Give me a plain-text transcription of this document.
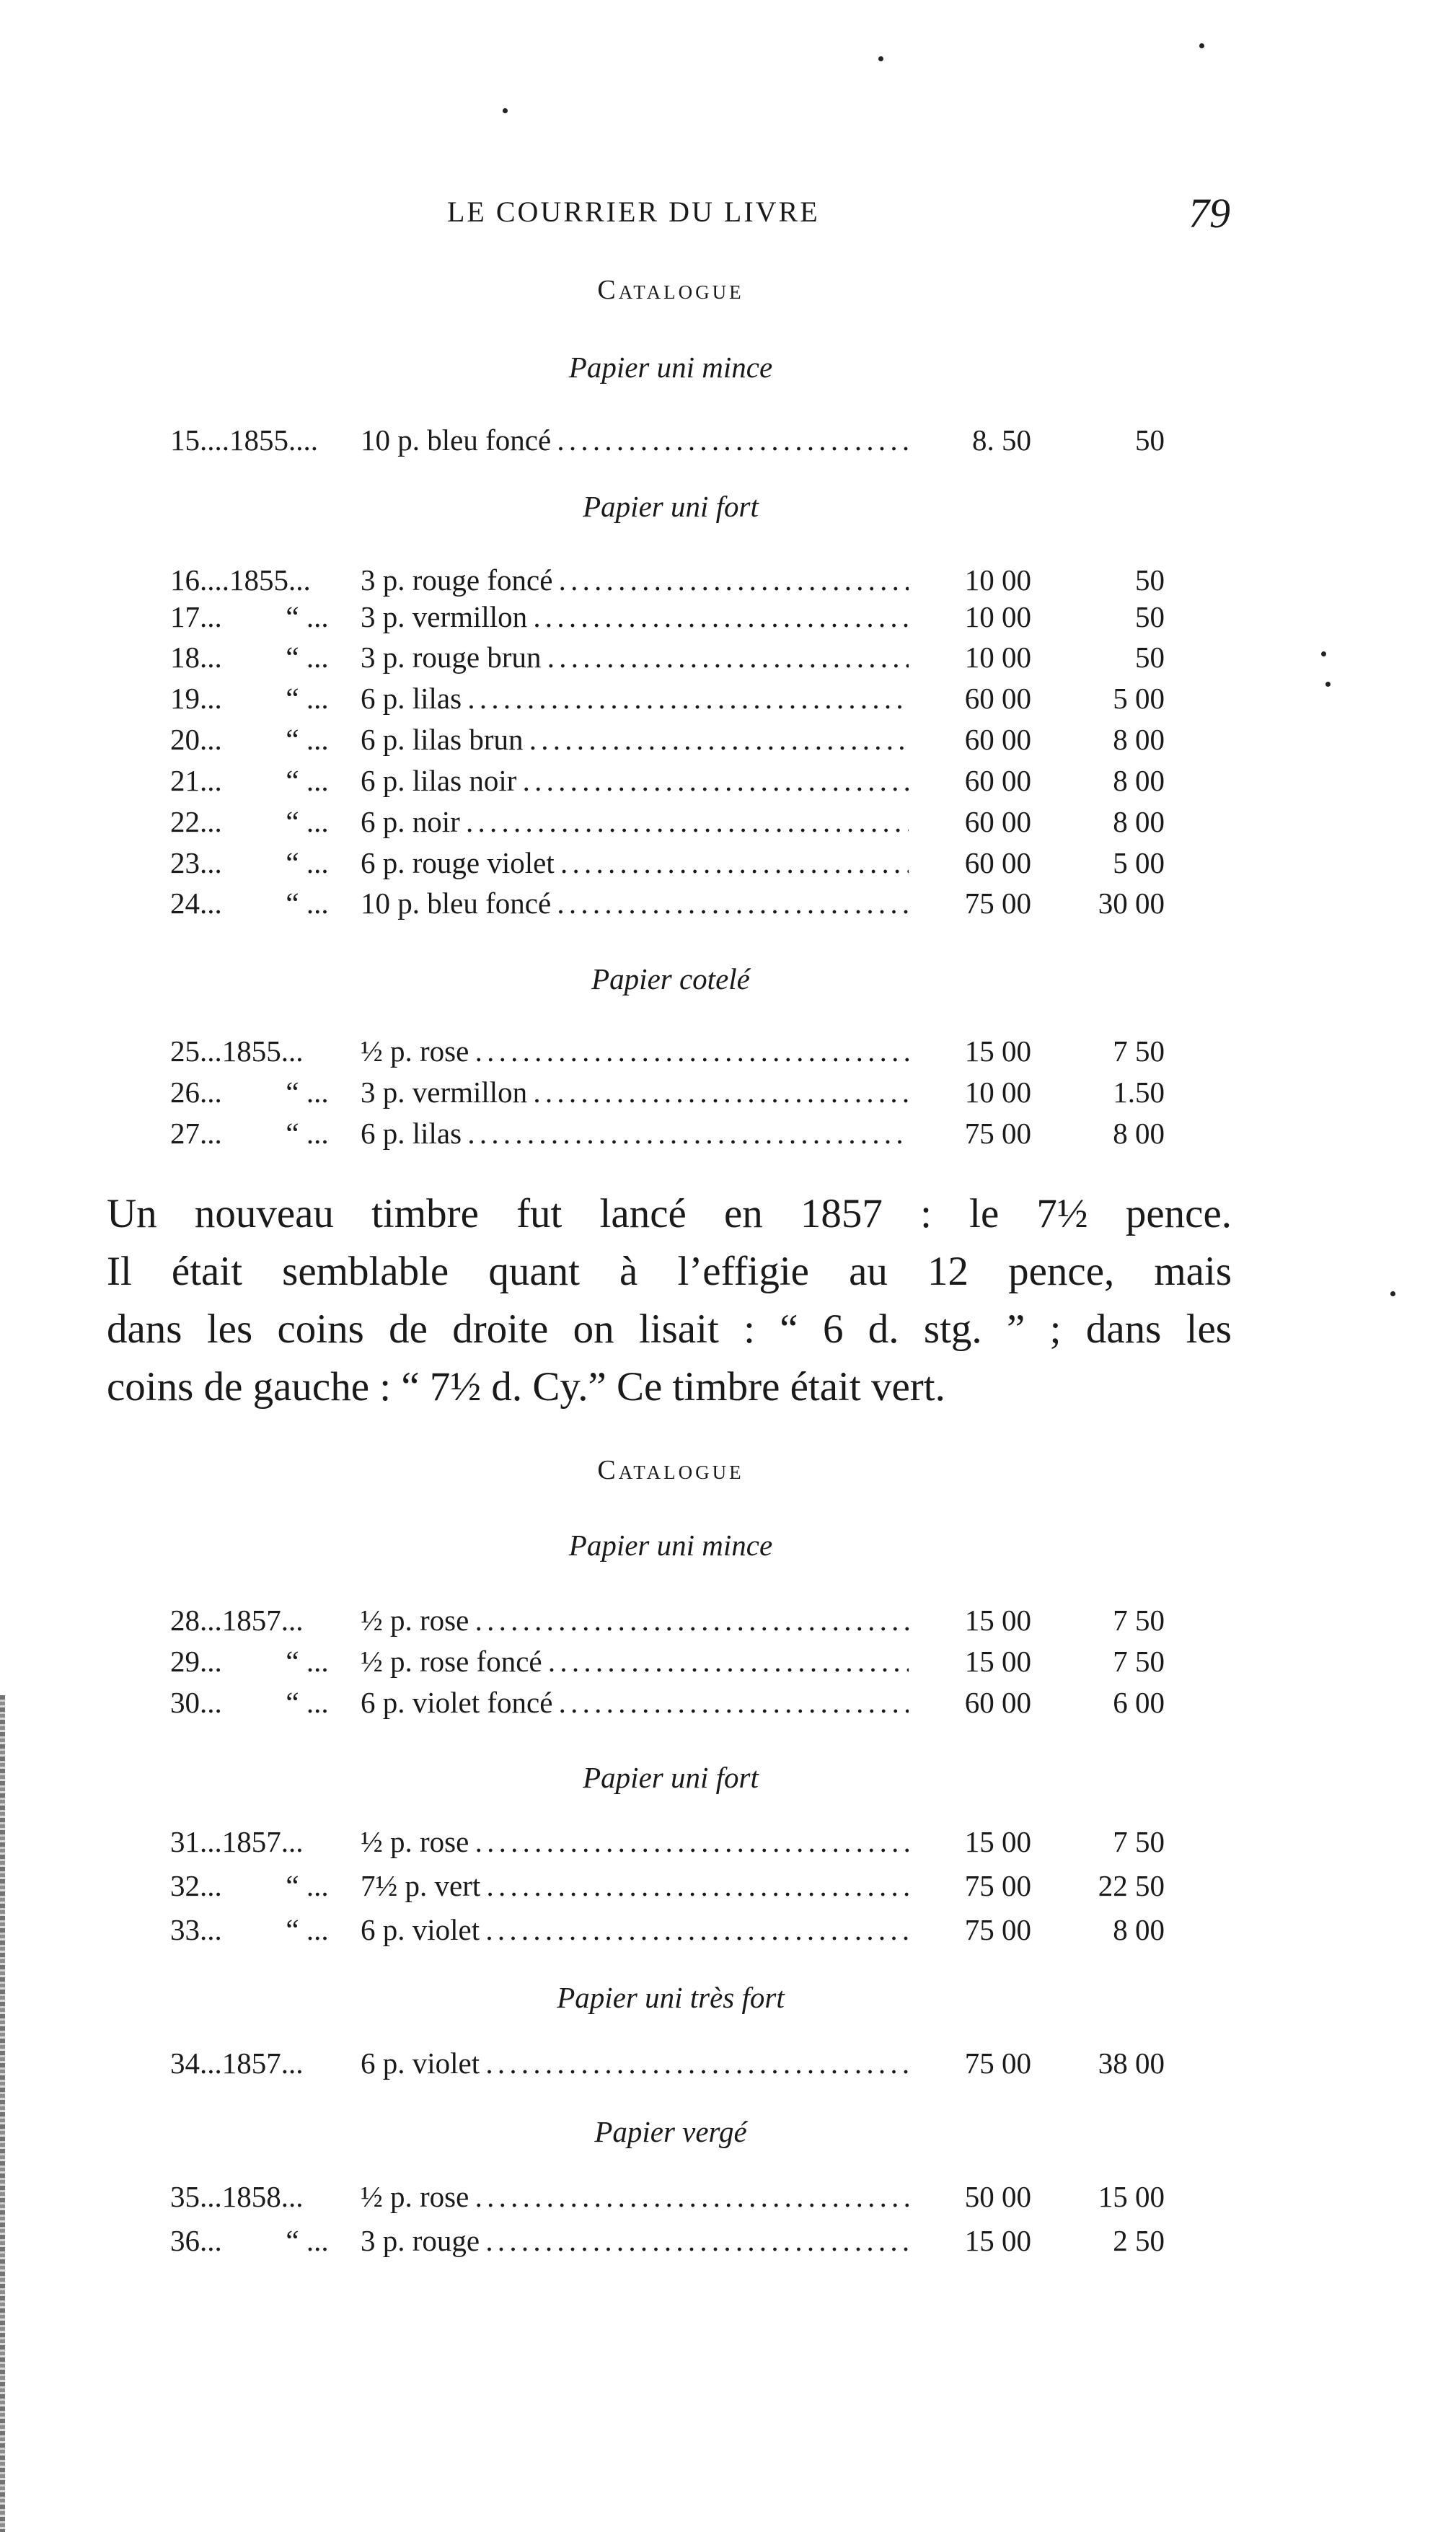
LE COURRIER DU LIVRE	79
Catalogue
Papier uni mince
15....1855.... 10 p. bleu foncé . . .	8. 50	50
Papier uni fort
16....1855... 3 p. rouge foncé . . .	10 00	50
17... “ ... 3 p. vermillon . . .	10 00	50
18... “ ... 3 p. rouge brun . . .	10 00	50
19... “ ... 6 p. lilas . . .	60 00	5 00
20... “ ... 6 p. lilas brun . . .	60 00	8 00
21... “ ... 6 p. lilas noir . . .	60 00	8 00
22... “ ... 6 p. noir . . .	60 00	8 00
23... “ ... 6 p. rouge violet . . .	60 00	5 00
24... “ ... 10 p. bleu foncé . . .	75 00	30 00
Papier cotelé
25...1855... ½ p. rose . . .	15 00	7 50
26... “ ... 3 p. vermillon . . .	10 00	1.50
27... “ ... 6 p. lilas . . .	75 00	8 00
Un nouveau timbre fut lancé en 1857 : le 7½ pence.
Il était semblable quant à l’effigie au 12 pence, mais
dans les coins de droite on lisait : “ 6 d. stg. ” ; dans les
coins de gauche : “ 7½ d. Cy.” Ce timbre était vert.
Catalogue
Papier uni mince
28...1857... ½ p. rose . . .	15 00	7 50
29... “ ... ½ p. rose foncé . . .	15 00	7 50
30... “ ... 6 p. violet foncé . . .	60 00	6 00
Papier uni fort
31...1857... ½ p. rose . . .	15 00	7 50
32... “ ... 7½ p. vert . . .	75 00	22 50
33... “ ... 6 p. violet . . .	75 00	8 00
Papier uni très fort
34...1857... 6 p. violet . . .	75 00	38 00
Papier vergé
35...1858... ½ p. rose . . .	50 00	15 00
36... “ ... 3 p. rouge . . .	15 00	2 50
